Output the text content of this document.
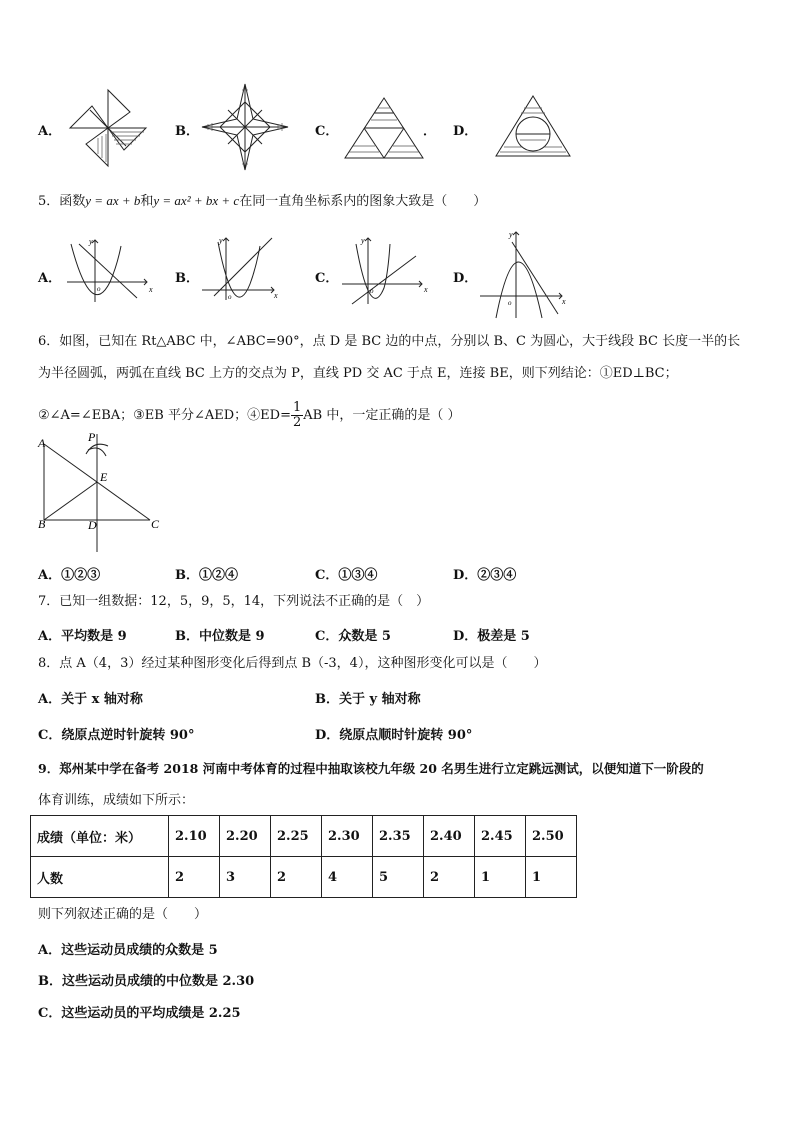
A．	B．	C．	． D．
5．函数y = ax + b和y = ax² + bx + c在同一直角坐标系内的图象大致是（　　）
A．
x
y
o
B．
x
y
o
C．
x
y
o
D．
x
y
o
6．如图，已知在 Rt△ABC 中，∠ABC=90°，点 D 是 BC 边的中点，分别以 B、C 为圆心，大于线段 BC 长度一半的长
为半径圆弧，两弧在直线 BC 上方的交点为 P，直线 PD 交 AC 于点 E，连接 BE，则下列结论：①ED⊥BC；
②∠A=∠EBA；③EB 平分∠AED；④ED= $\frac{1}{2}$ AB 中，一定正确的是（ ）
A
B	C
D
E
P
A．①②③	B．①②④	C．①③④	D．②③④
7．已知一组数据：12，5，9，5，14，下列说法不正确的是（　）
A．平均数是 9	B．中位数是 9	C．众数是 5	D．极差是 5
8．点 A（4，3）经过某种图形变化后得到点 B（-3，4），这种图形变化可以是（　　）
A．关于 x 轴对称	B．关于 y 轴对称
C．绕原点逆时针旋转 90°	D．绕原点顺时针旋转 90°
9．郑州某中学在备考 2018 河南中考体育的过程中抽取该校九年级 20 名男生进行立定跳远测试，以便知道下一阶段的
体育训练，成绩如下所示：
成绩（单位：米）	2.10	2.20	2.25	2.30	2.35	2.40	2.45	2.50
人数	2	3	2	4	5	2	1	1
则下列叙述正确的是（　　）
A．这些运动员成绩的众数是 5
B．这些运动员成绩的中位数是 2.30
C．这些运动员的平均成绩是 2.25
